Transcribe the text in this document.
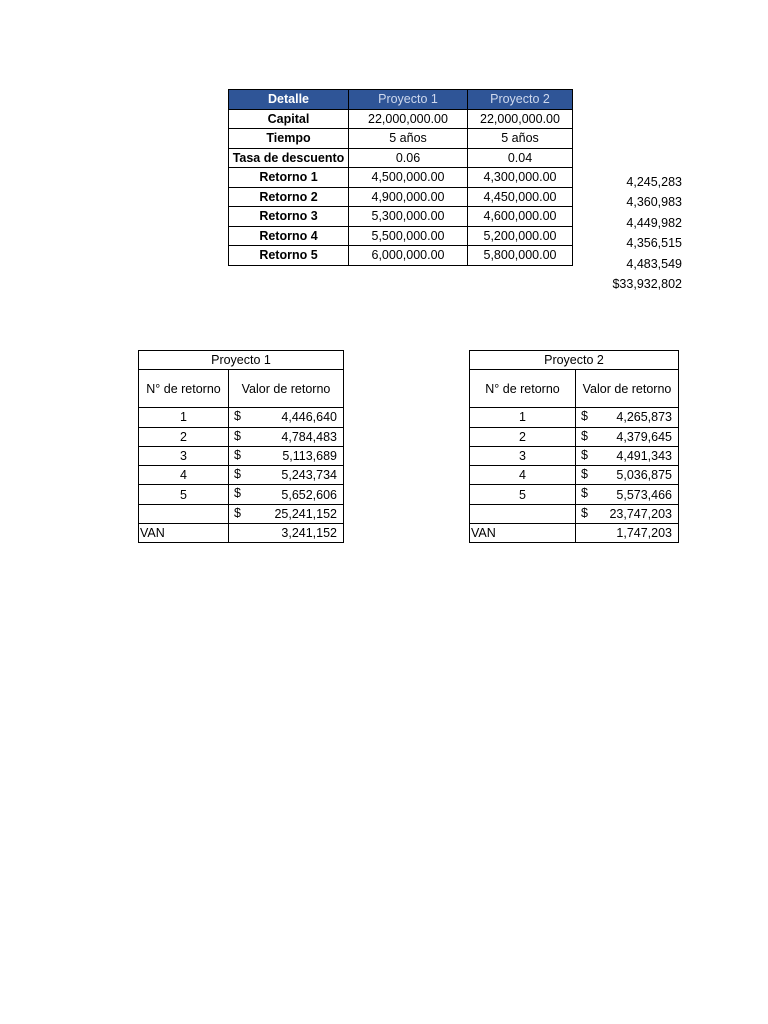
Detalle	Proyecto 1	Proyecto 2
Capital	22,000,000.00	22,000,000.00
Tiempo	5 años	5 años
Tasa de descuento	0.06	0.04
Retorno 1	4,500,000.00	4,300,000.00
Retorno 2	4,900,000.00	4,450,000.00
Retorno 3	5,300,000.00	4,600,000.00
Retorno 4	5,500,000.00	5,200,000.00
Retorno 5	6,000,000.00	5,800,000.00
4,245,283
4,360,983
4,449,982
4,356,515
4,483,549
$33,932,802
Proyecto 1	
N° de retorno	Valor de retorno
1	$ 4,446,640
2	$ 4,784,483
3	$ 5,113,689
4	$ 5,243,734
5	$ 5,652,606

	$ 25,241,152
VAN	3,241,152
Proyecto 2	
N° de retorno	Valor de retorno
1	$ 4,265,873
2	$ 4,379,645
3	$ 4,491,343
4	$ 5,036,875
5	$ 5,573,466

	$ 23,747,203
VAN	1,747,203
